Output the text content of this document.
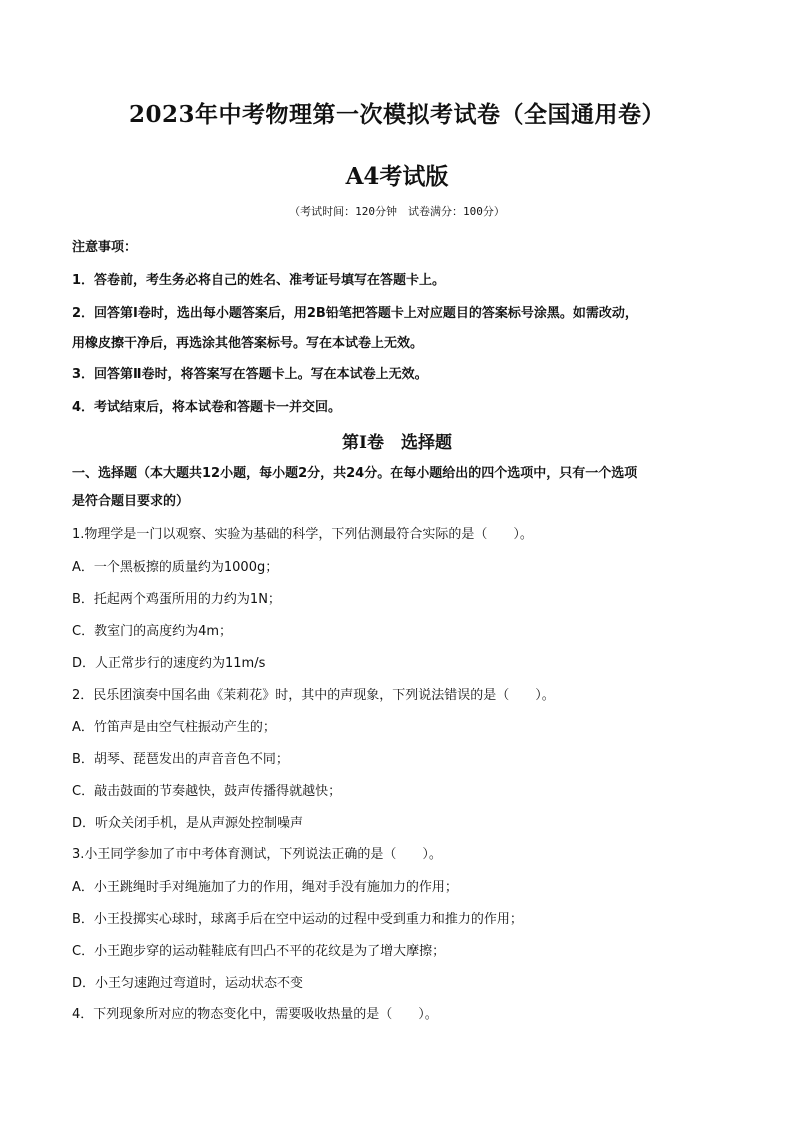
2023年中考物理第一次模拟考试卷（全国通用卷）
A4考试版
（考试时间：120分钟　试卷满分：100分）
注意事项：
1．答卷前，考生务必将自己的姓名、准考证号填写在答题卡上。
2．回答第Ⅰ卷时，选出每小题答案后，用2B铅笔把答题卡上对应题目的答案标号涂黑。如需改动，
用橡皮擦干净后，再选涂其他答案标号。写在本试卷上无效。
3．回答第Ⅱ卷时，将答案写在答题卡上。写在本试卷上无效。
4．考试结束后，将本试卷和答题卡一并交回。
第Ⅰ卷　选择题
一、选择题（本大题共12小题，每小题2分，共24分。在每小题给出的四个选项中，只有一个选项
是符合题目要求的）
1.物理学是一门以观察、实验为基础的科学，下列估测最符合实际的是（　　）。
A．一个黑板擦的质量约为1000g；
B．托起两个鸡蛋所用的力约为1N；
C．教室门的高度约为4m；
D．人正常步行的速度约为11m/s
2．民乐团演奏中国名曲《茉莉花》时，其中的声现象，下列说法错误的是（　　）。
A．竹笛声是由空气柱振动产生的；
B．胡琴、琵琶发出的声音音色不同；
C．敲击鼓面的节奏越快，鼓声传播得就越快；
D．听众关闭手机，是从声源处控制噪声
3.小王同学参加了市中考体育测试，下列说法正确的是（　　）。
A．小王跳绳时手对绳施加了力的作用，绳对手没有施加力的作用；
B．小王投掷实心球时，球离手后在空中运动的过程中受到重力和推力的作用；
C．小王跑步穿的运动鞋鞋底有凹凸不平的花纹是为了增大摩擦；
D．小王匀速跑过弯道时，运动状态不变
4．下列现象所对应的物态变化中，需要吸收热量的是（　　）。
